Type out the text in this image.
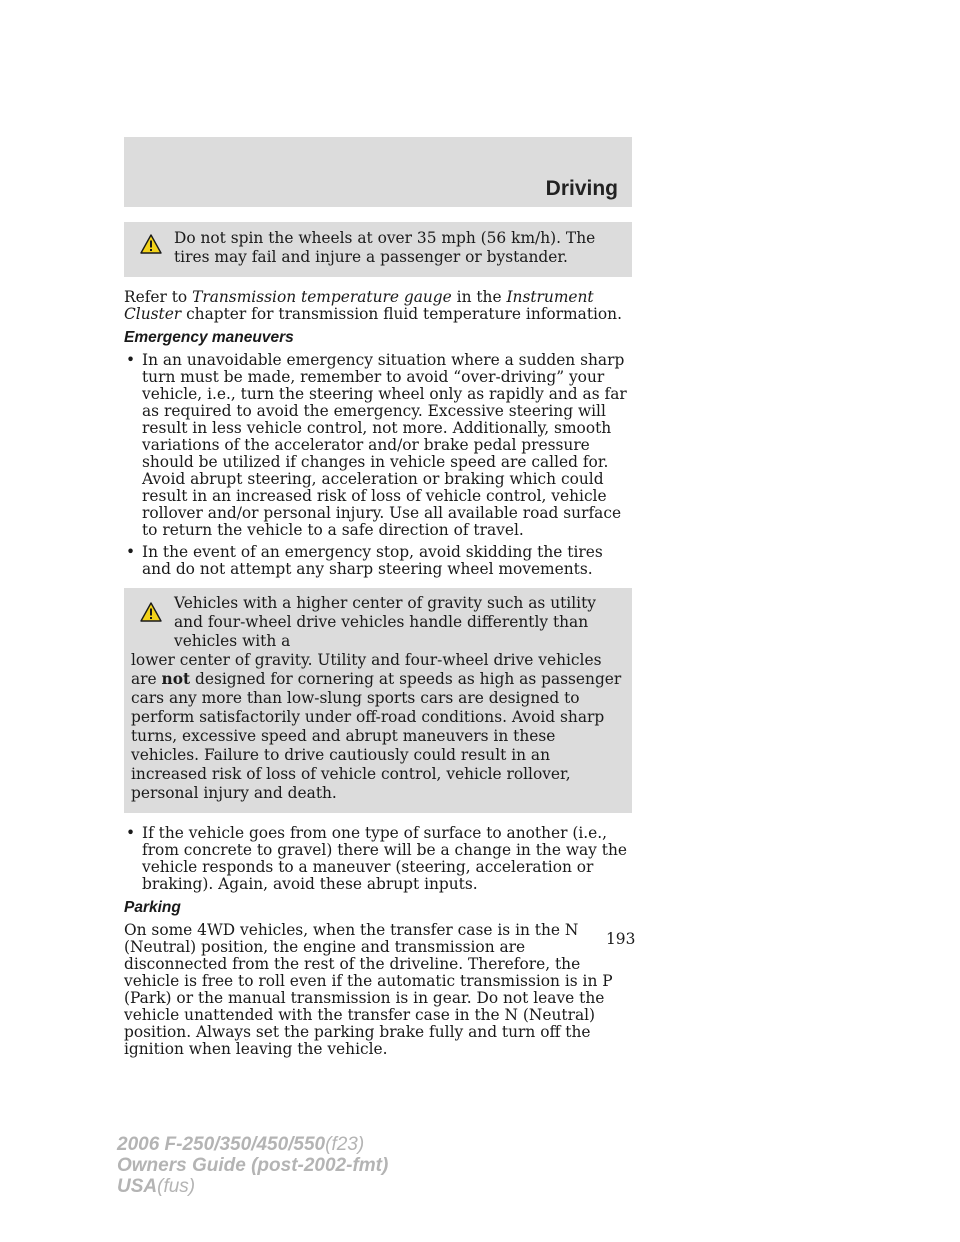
Driving
Do not spin the wheels at over 35 mph (56 km/h). The tires may fail and injure a passenger or bystander.

Refer to Transmission temperature gauge in the Instrument Cluster chapter for transmission fluid temperature information.

Emergency maneuvers
• In an unavoidable emergency situation where a sudden sharp turn must be made, remember to avoid “over-driving” your vehicle, i.e., turn the steering wheel only as rapidly and as far as required to avoid the emergency. Excessive steering will result in less vehicle control, not more. Additionally, smooth variations of the accelerator and/or brake pedal pressure should be utilized if changes in vehicle speed are called for. Avoid abrupt steering, acceleration or braking which could result in an increased risk of loss of vehicle control, vehicle rollover and/or personal injury. Use all available road surface to return the vehicle to a safe direction of travel.
• In the event of an emergency stop, avoid skidding the tires and do not attempt any sharp steering wheel movements.
Vehicles with a higher center of gravity such as utility and four-wheel drive vehicles handle differently than vehicles with a
lower center of gravity. Utility and four-wheel drive vehicles are not designed for cornering at speeds as high as passenger cars any more than low-slung sports cars are designed to perform satisfactorily under off-road conditions. Avoid sharp turns, excessive speed and abrupt maneuvers in these vehicles. Failure to drive cautiously could result in an increased risk of loss of vehicle control, vehicle rollover, personal injury and death.
• If the vehicle goes from one type of surface to another (i.e., from concrete to gravel) there will be a change in the way the vehicle responds to a maneuver (steering, acceleration or braking). Again, avoid these abrupt inputs.
Parking

On some 4WD vehicles, when the transfer case is in the N (Neutral) position, the engine and transmission are disconnected from the rest of the driveline. Therefore, the vehicle is free to roll even if the automatic transmission is in P (Park) or the manual transmission is in gear. Do not leave the vehicle unattended with the transfer case in the N (Neutral) position. Always set the parking brake fully and turn off the ignition when leaving the vehicle.

193
2006 F-250/350/450/550(f23)
Owners Guide (post-2002-fmt)
USA(fus)
